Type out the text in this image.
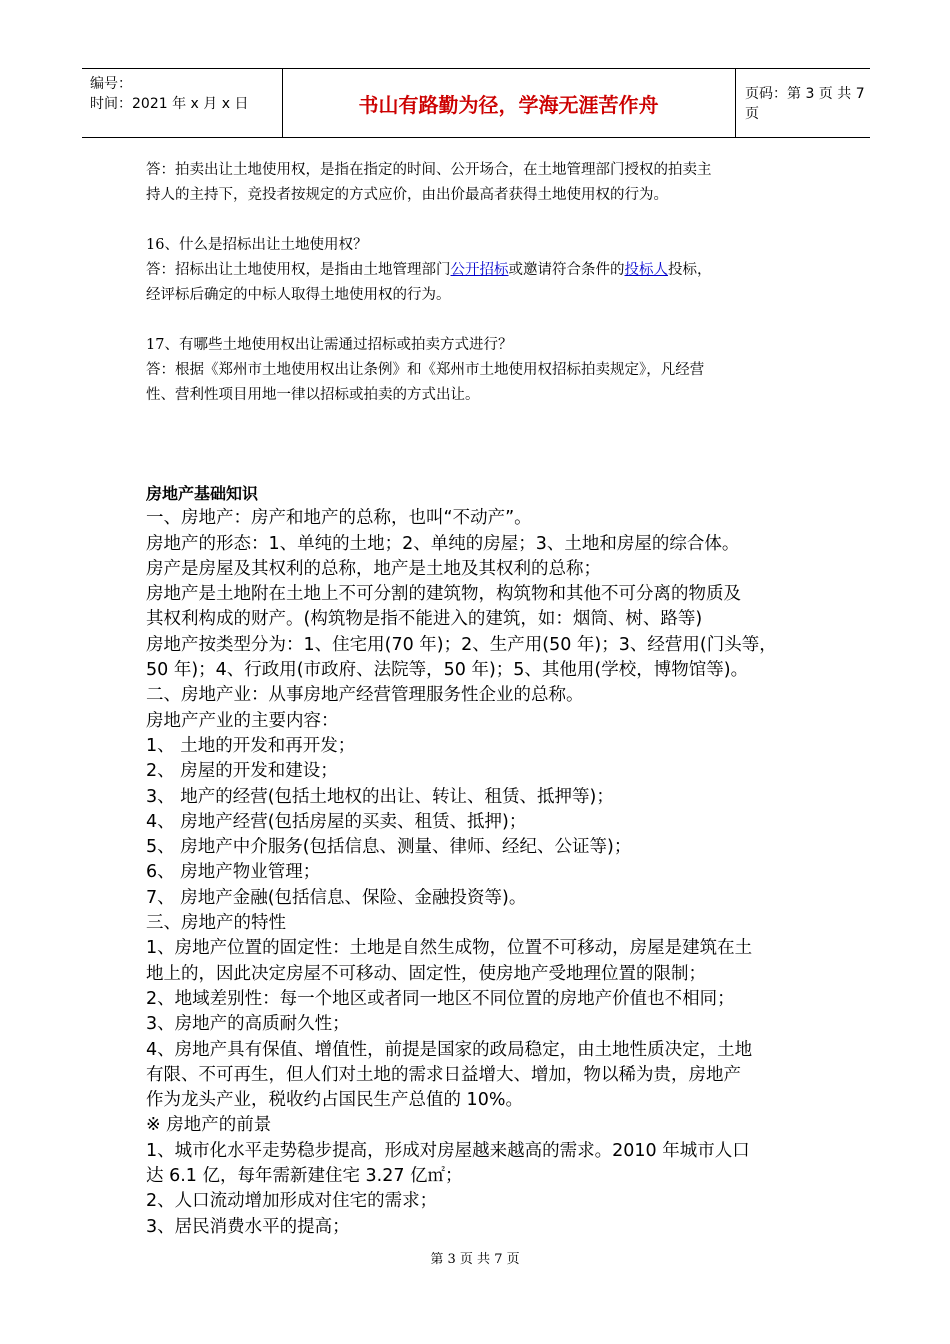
编号：
时间：2021 年 x 月 x 日	书山有路勤为径，学海无涯苦作舟	页码：第 3 页 共 7 页

答：拍卖出让土地使用权，是指在指定的时间、公开场合，在土地管理部门授权的拍卖主

持人的主持下，竞投者按规定的方式应价，由出价最高者获得土地使用权的行为。

16、什么是招标出让土地使用权？

答：招标出让土地使用权，是指由土地管理部门公开招标或邀请符合条件的投标人投标，

经评标后确定的中标人取得土地使用权的行为。

17、有哪些土地使用权出让需通过招标或拍卖方式进行？

答：根据《郑州市土地使用权出让条例》和《郑州市土地使用权招标拍卖规定》，凡经营

性、营利性项目用地一律以招标或拍卖的方式出让。

房地产基础知识

一、房地产：房产和地产的总称，也叫“不动产”。

房地产的形态：1、单纯的土地；2、单纯的房屋；3、土地和房屋的综合体。

房产是房屋及其权利的总称，地产是土地及其权利的总称；

房地产是土地附在土地上不可分割的建筑物，构筑物和其他不可分离的物质及

其权利构成的财产。(构筑物是指不能进入的建筑，如：烟筒、树、路等)

房地产按类型分为：1、住宅用(70 年)；2、生产用(50 年)；3、经营用(门头等，

50 年)；4、行政用(市政府、法院等，50 年)；5、其他用(学校，博物馆等)。

二、房地产业：从事房地产经营管理服务性企业的总称。

房地产产业的主要内容：

1、 土地的开发和再开发；

2、 房屋的开发和建设；

3、 地产的经营(包括土地权的出让、转让、租赁、抵押等)；

4、 房地产经营(包括房屋的买卖、租赁、抵押)；

5、 房地产中介服务(包括信息、测量、律师、经纪、公证等)；

6、 房地产物业管理；

7、 房地产金融(包括信息、保险、金融投资等)。

三、房地产的特性

1、房地产位置的固定性：土地是自然生成物，位置不可移动，房屋是建筑在土

地上的，因此决定房屋不可移动、固定性，使房地产受地理位置的限制；

2、地域差别性：每一个地区或者同一地区不同位置的房地产价值也不相同；

3、房地产的高质耐久性；

4、房地产具有保值、增值性，前提是国家的政局稳定，由土地性质决定，土地

有限、不可再生，但人们对土地的需求日益增大、增加，物以稀为贵，房地产

作为龙头产业，税收约占国民生产总值的 10%。

※ 房地产的前景

1、城市化水平走势稳步提高，形成对房屋越来越高的需求。2010 年城市人口

达 6.1 亿，每年需新建住宅 3.27 亿㎡；

2、人口流动增加形成对住宅的需求；

3、居民消费水平的提高；

第 3 页 共 7 页
